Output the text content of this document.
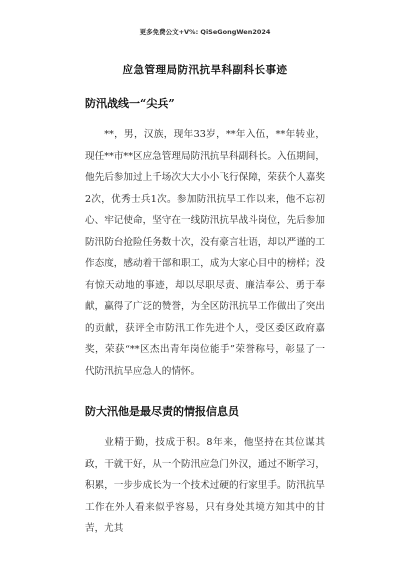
更多免费公文+V%: QiSeGongWen2024
应急管理局防汛抗旱科副科长事迹
防汛战线一“尖兵”

**，男，汉族，现年33岁，**年入伍，**年转业，现任**市**区应急管理局防汛抗旱科副科长。入伍期间，他先后参加过上千场次大大小小飞行保障，荣获个人嘉奖2次，优秀士兵1次。参加防汛抗旱工作以来，他不忘初心、牢记使命，坚守在一线防汛抗旱战斗岗位，先后参加防汛防台抢险任务数十次，没有豪言壮语，却以严谨的工作态度，感动着干部和职工，成为大家心目中的榜样；没有惊天动地的事迹，却以尽职尽责、廉洁奉公、勇于奉献，赢得了广泛的赞誉，为全区防汛抗旱工作做出了突出的贡献，获评全市防汛工作先进个人，受区委区政府嘉奖，荣获“**区杰出青年岗位能手”荣誉称号，彰显了一代防汛抗旱应急人的情怀。

防大汛他是最尽责的情报信息员

业精于勤，技成于积。8年来，他坚持在其位谋其政，干就干好，从一个防汛应急门外汉，通过不断学习，积累，一步步成长为一个技术过硬的行家里手。防汛抗旱工作在外人看来似乎容易，只有身处其境方知其中的甘苦，尤其
